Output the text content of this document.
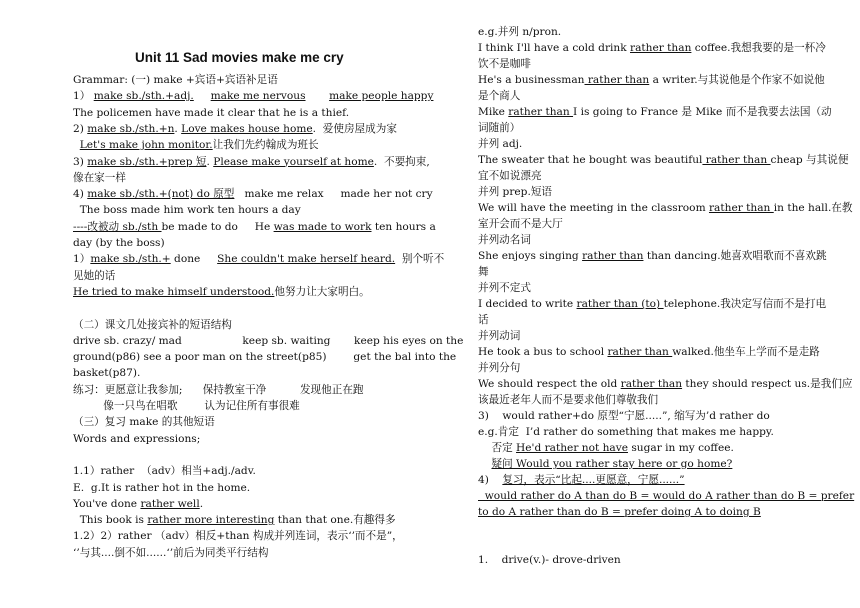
Unit 11 Sad movies make me cry
Grammar: (一) make +宾语+宾语补足语
1） make sb./sth.+adj. make me nervous make people happy
The policemen have made it clear that he is a thief.
2) make sb./sth.+n. Love makes house home.  爱使房屋成为家
Let's make john monitor.让我们先约翰成为班长
3) make sb./sth.+prep 短. Please make yourself at home.  不要拘束,
像在家一样
4) make sb./sth.+(not) do 原型   make me relax     made her not cry
The boss made him work ten hours a day
----改被动 sb./sth be made to do     He was made to work ten hours a
day (by the boss)
1）make sb./sth.+ done     She couldn't make herself heard.  别个听不
见她的话
He tried to make himself understood.他努力让大家明白。
（二）课文几处接宾补的短语结构
drive sb. crazy/ mad                  keep sb. waiting       keep his eyes on the
ground(p86) see a poor man on the street(p85)        get the bal into the
basket(p87).
练习：更愿意让我参加;      保持教室干净          发现他正在跑
像一只鸟在唱歌        认为记住所有事很难
（三）复习 make 的其他短语
Words and expressions;
1.1）rather  （adv）相当+adj./adv.
E.  g.It is rather hot in the home.
You've done rather well.
This book is rather more interesting than that one.有趣得多
1.2）2）rather （adv）相反+than 构成并列连词，表示‘’而不是”，
‘’与其....倒不如......‘’前后为同类平行结构
e.g.并列 n/pron.
I think I'll have a cold drink rather than coffee.我想我要的是一杯冷
饮不是咖啡
He's a businessman rather than a writer.与其说他是个作家不如说他
是个商人
Mike rather than I is going to France 是 Mike 而不是我要去法国（动
词随前）
并列 adj.
The sweater that he bought was beautiful rather than cheap 与其说便
宜不如说漂亮
并列 prep.短语
We will have the meeting in the classroom rather than in the hall.在教
室开会而不是大厅
并列动名词
She enjoys singing rather than than dancing.她喜欢唱歌而不喜欢跳
舞
并列不定式
I decided to write rather than (to) telephone.我决定写信而不是打电
话
并列动词
He took a bus to school rather than walked.他坐车上学而不是走路
并列分句
We should respect the old rather than they should respect us.是我们应
该最近老年人而不是要求他们尊敬我们
3)    would rather+do 原型“宁愿.....”, 缩写为’d rather do
e.g.肯定  I’d rather do something that makes me happy.
否定 He'd rather not have sugar in my coffee.
疑问 Would you rather stay here or go home?
4)    复习，表示“比起....更愿意，宁愿......”
would rather do A than do B = would do A rather than do B = prefer
to do A rather than do B = prefer doing A to doing B
1.    drive(v.)- drove-driven
